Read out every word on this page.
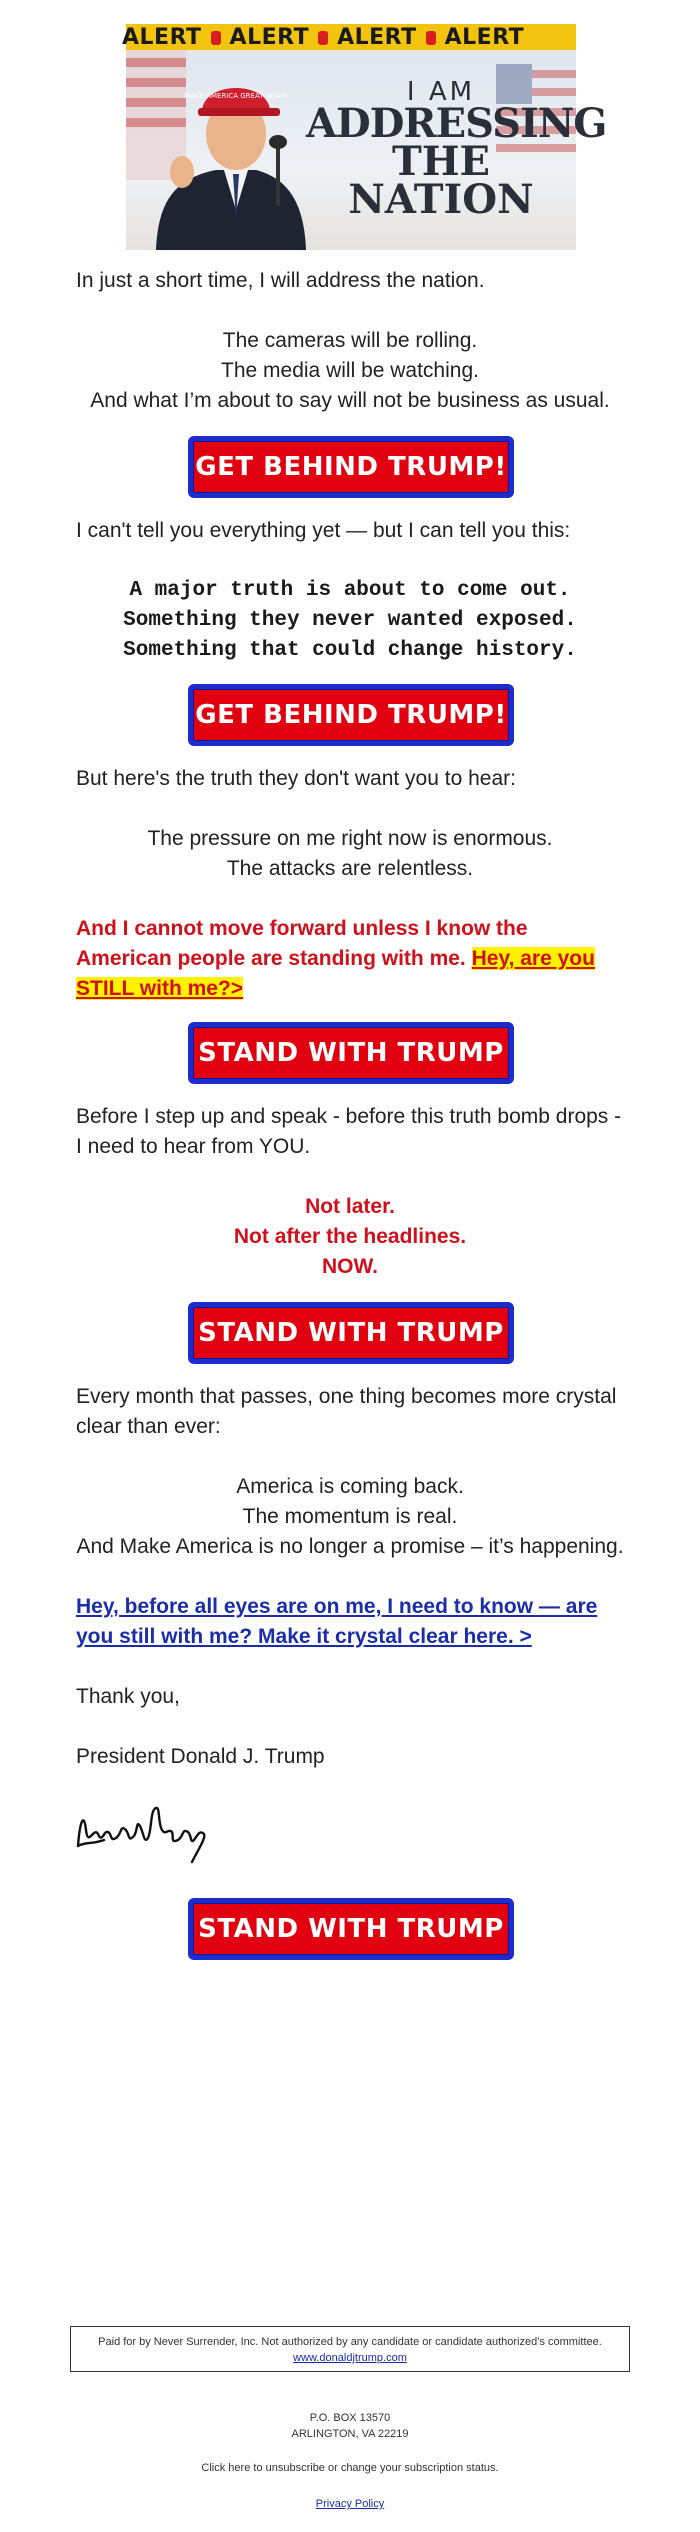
ALERT ALERT ALERT ALERT
MAKE AMERICA GREAT AGAIN	I AM
ADDRESSING
THE
NATION
In just a short time, I will address the nation.
The cameras will be rolling.
The media will be watching.
And what I’m about to say will not be business as usual.
GET BEHIND TRUMP!
I can't tell you everything yet — but I can tell you this:
A major truth is about to come out.
Something they never wanted exposed.
Something that could change history.
GET BEHIND TRUMP!
But here's the truth they don't want you to hear:
The pressure on me right now is enormous.
The attacks are relentless.
And I cannot move forward unless I know the American people are standing with me. Hey, are you STILL with me?>
STAND WITH TRUMP
Before I step up and speak - before this truth bomb drops - I need to hear from YOU.
Not later.
Not after the headlines.
NOW.
STAND WITH TRUMP
Every month that passes, one thing becomes more crystal clear than ever:
America is coming back.
The momentum is real.
And Make America is no longer a promise – it’s happening.
Hey, before all eyes are on me, I need to know — are you still with me? Make it crystal clear here. >
Thank you,
President Donald J. Trump
STAND WITH TRUMP
Paid for by Never Surrender, Inc. Not authorized by any candidate or candidate authorized’s committee.
www.donaldjtrump.com
P.O. BOX 13570
ARLINGTON, VA 22219
Click here to unsubscribe or change your subscription status.
Privacy Policy
